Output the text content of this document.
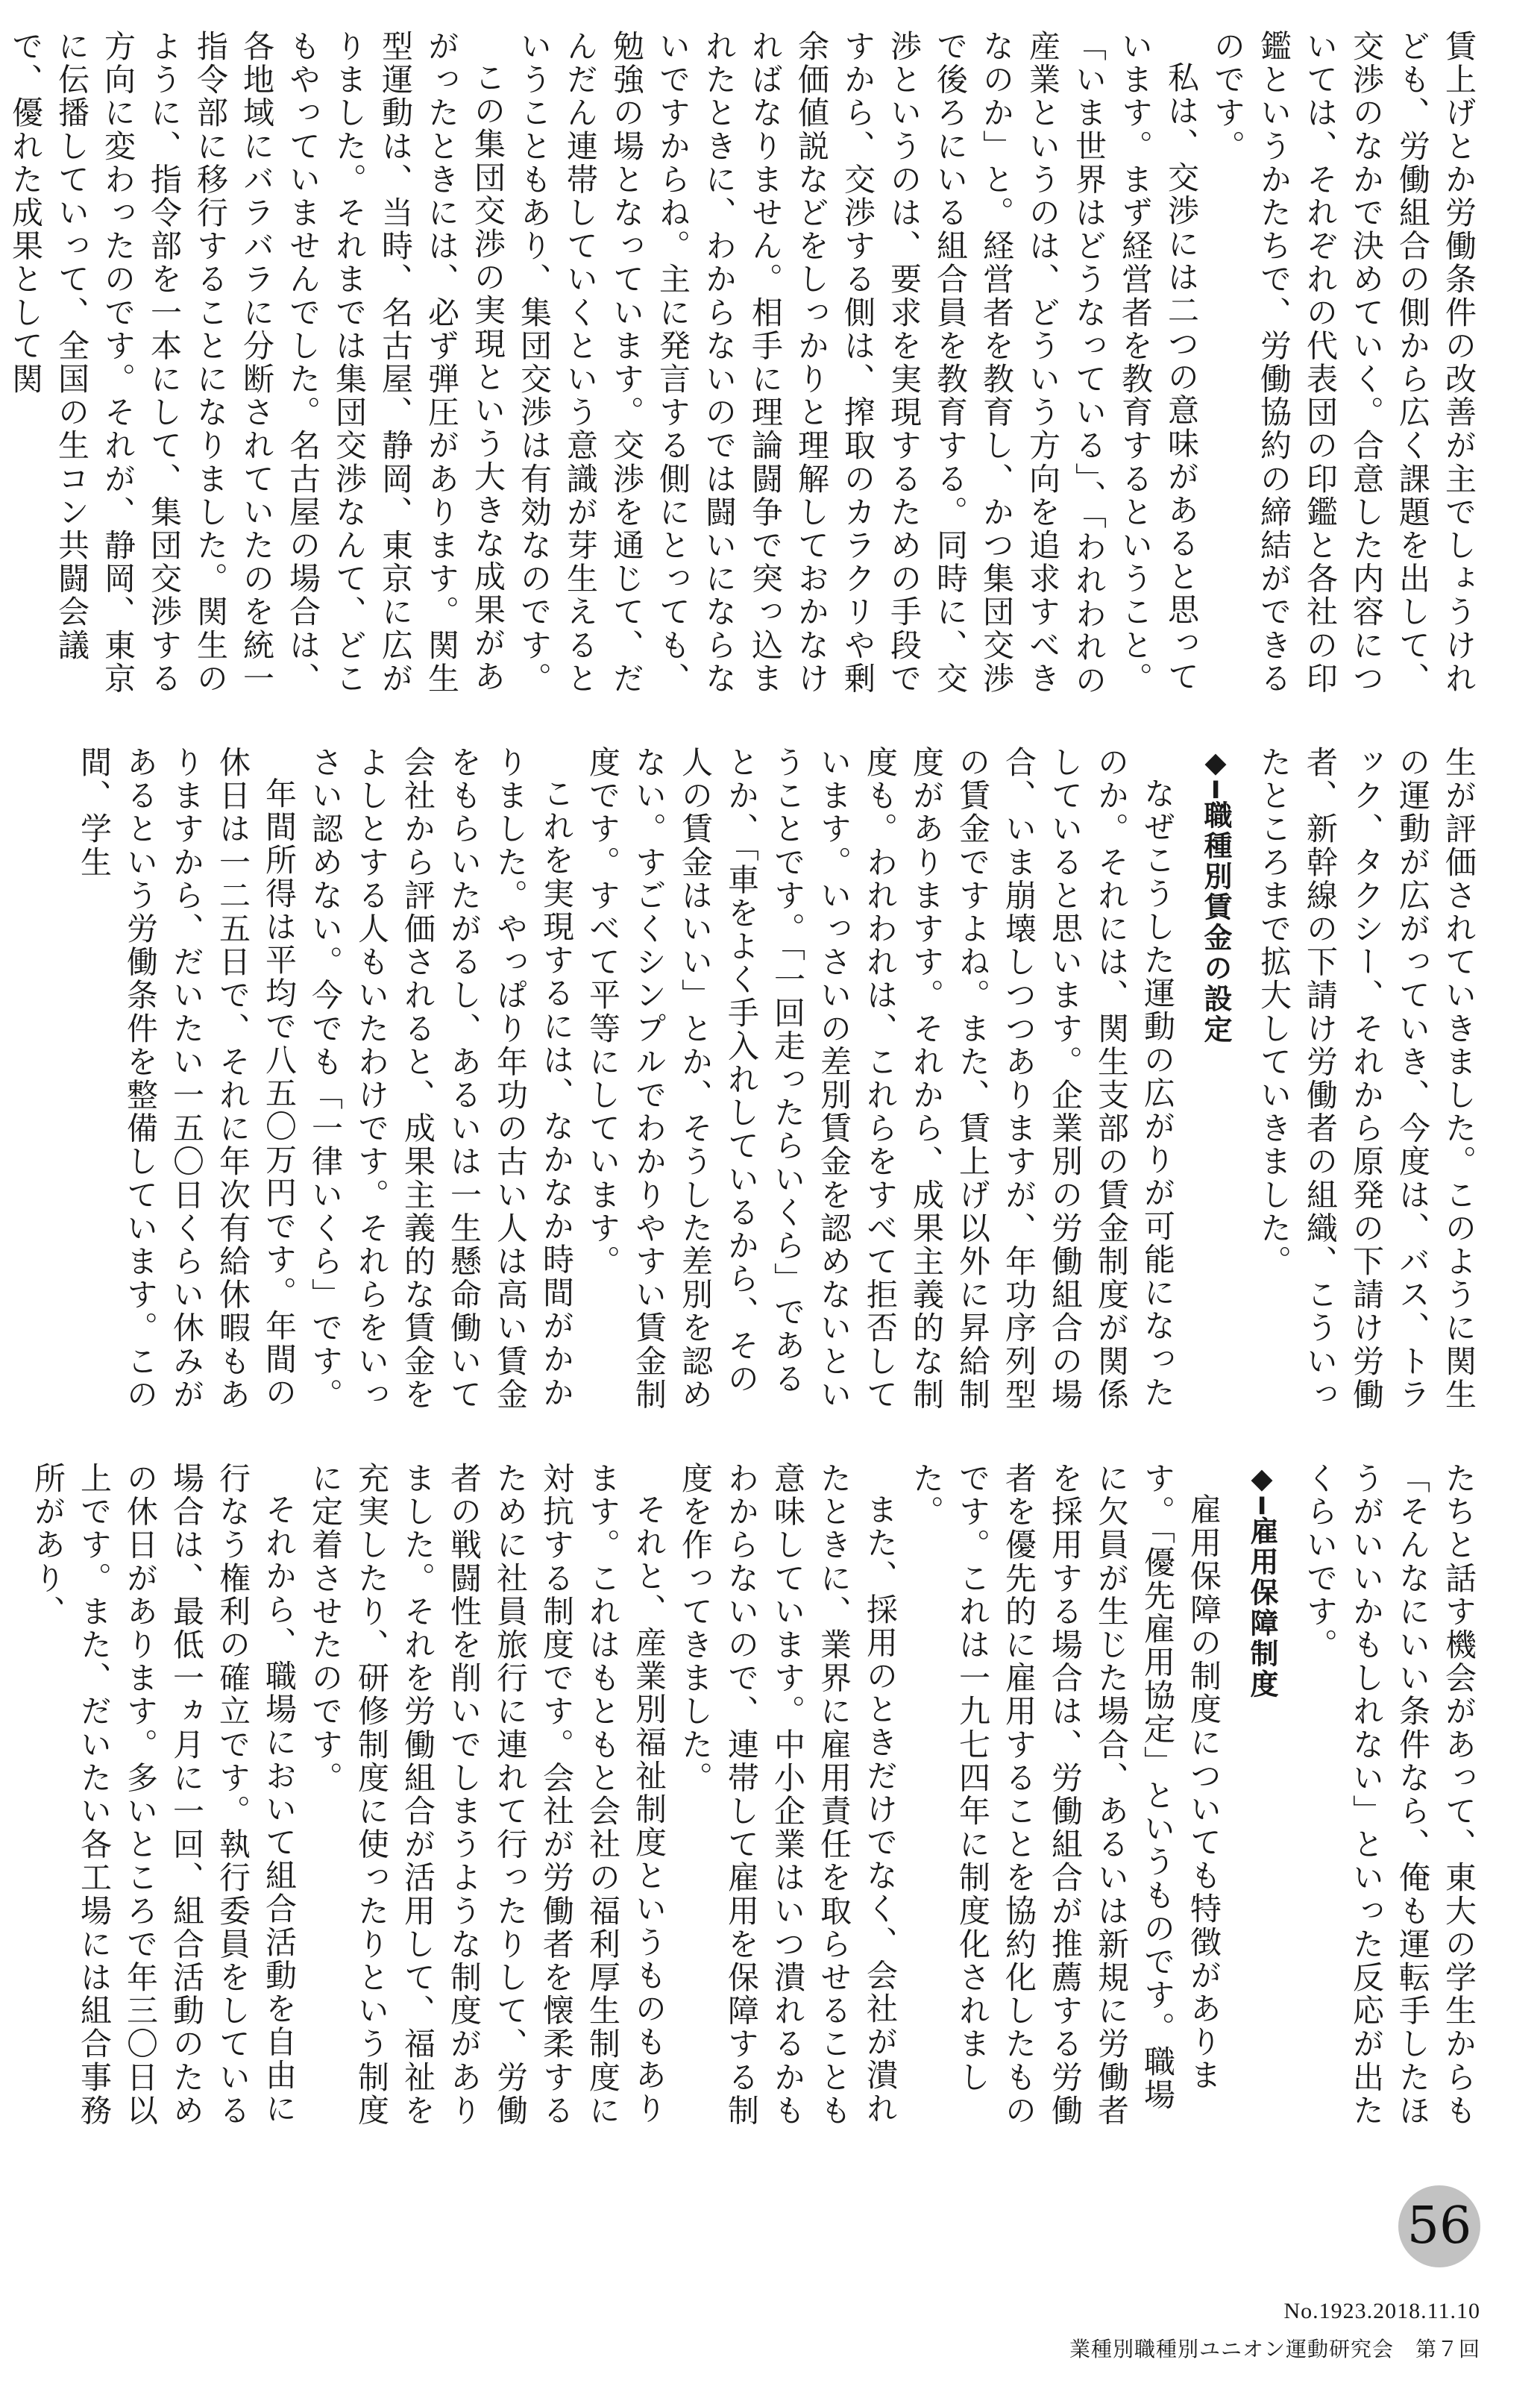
賃上げとか労働条件の改善が主でしょうけれども、労働組合の側から広く課題を出して、交渉のなかで決めていく。合意した内容については、それぞれの代表団の印鑑と各社の印鑑というかたちで、労働協約の締結ができるのです。

私は、交渉には二つの意味があると思っています。まず経営者を教育するということ。「いま世界はどうなっている」、「われわれの産業というのは、どういう方向を追求すべきなのか」と。経営者を教育し、かつ集団交渉で後ろにいる組合員を教育する。同時に、交渉というのは、要求を実現するための手段ですから、交渉する側は、搾取のカラクリや剰余価値説などをしっかりと理解しておかなければなりません。相手に理論闘争で突っ込まれたときに、わからないのでは闘いにならないですからね。主に発言する側にとっても、勉強の場となっています。交渉を通じて、だんだん連帯していくという意識が芽生えるということもあり、集団交渉は有効なのです。

この集団交渉の実現という大きな成果があがったときには、必ず弾圧があります。関生型運動は、当時、名古屋、静岡、東京に広がりました。それまでは集団交渉なんて、どこもやっていませんでした。名古屋の場合は、各地域にバラバラに分断されていたのを統一指令部に移行することになりました。関生のように、指令部を一本にして、集団交渉する方向に変わったのです。それが、静岡、東京に伝播していって、全国の生コン共闘会議で、優れた成果として関

生が評価されていきました。このように関生の運動が広がっていき、今度は、バス、トラック、タクシー、それから原発の下請け労働者、新幹線の下請け労働者の組織、こういったところまで拡大していきました。

◆━職種別賃金の設定

なぜこうした運動の広がりが可能になったのか。それには、関生支部の賃金制度が関係していると思います。企業別の労働組合の場合、いま崩壊しつつありますが、年功序列型の賃金ですよね。また、賃上げ以外に昇給制度がありますす。それから、成果主義的な制度も。われわれは、これらをすべて拒否しています。いっさいの差別賃金を認めないということです。「一回走ったらいくら」であるとか、「車をよく手入れしているから、その人の賃金はいい」とか、そうした差別を認めない。すごくシンプルでわかりやすい賃金制度です。すべて平等にしています。

これを実現するには、なかなか時間がかかりました。やっぱり年功の古い人は高い賃金をもらいたがるし、あるいは一生懸命働いて会社から評価されると、成果主義的な賃金をよしとする人もいたわけです。それらをいっさい認めない。今でも「一律いくら」です。

年間所得は平均で八五〇万円です。年間の休日は一二五日で、それに年次有給休暇もありますから、だいたい一五〇日くらい休みがあるという労働条件を整備しています。この間、学生

たちと話す機会があって、東大の学生からも「そんなにいい条件なら、俺も運転手したほうがいいかもしれない」といった反応が出たくらいです。

◆━雇用保障制度

雇用保障の制度についても特徴があります。「優先雇用協定」というものです。職場に欠員が生じた場合、あるいは新規に労働者を採用する場合は、労働組合が推薦する労働者を優先的に雇用することを協約化したものです。これは一九七四年に制度化されました。

また、採用のときだけでなく、会社が潰れたときに、業界に雇用責任を取らせることも意味しています。中小企業はいつ潰れるかもわからないので、連帯して雇用を保障する制度を作ってきました。

それと、産業別福祉制度というものもあります。これはもともと会社の福利厚生制度に対抗する制度です。会社が労働者を懐柔するために社員旅行に連れて行ったりして、労働者の戦闘性を削いでしまうような制度がありました。それを労働組合が活用して、福祉を充実したり、研修制度に使ったりという制度に定着させたのです。

それから、職場において組合活動を自由に行なう権利の確立です。執行委員をしている場合は、最低一ヵ月に一回、組合活動のための休日があります。多いところで年三〇日以上です。また、だいたい各工場には組合事務所があり、

56
No.1923.2018.11.10
業種別職種別ユニオン運動研究会　第７回
